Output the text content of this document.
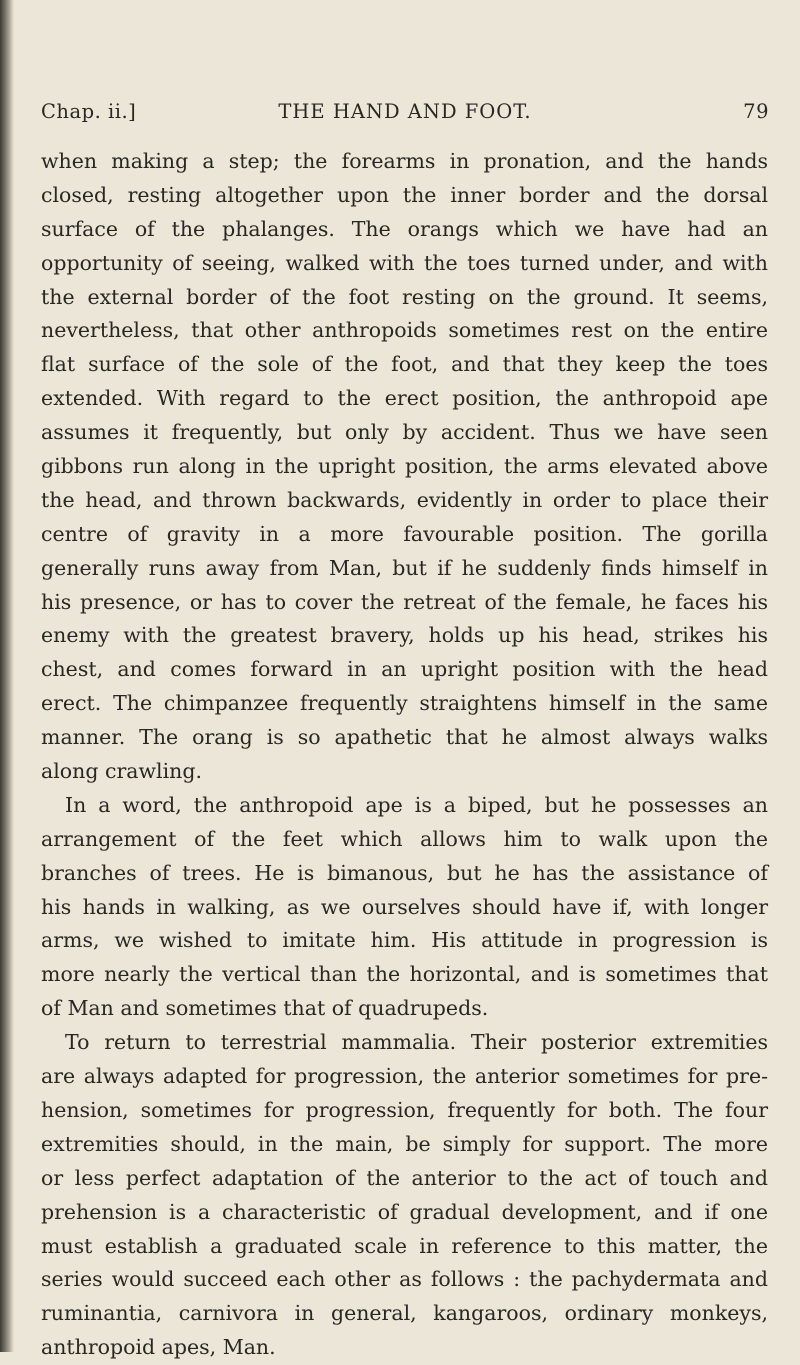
Chap. ii.]	THE HAND AND FOOT.	79
when making a step; the forearms in pronation, and the hands
closed, resting altogether upon the inner border and the dorsal
surface of the phalanges. The orangs which we have had an
opportunity of seeing, walked with the toes turned under, and with
the external border of the foot resting on the ground. It seems,
nevertheless, that other anthropoids sometimes rest on the entire
flat surface of the sole of the foot, and that they keep the toes
extended. With regard to the erect position, the anthropoid ape
assumes it frequently, but only by accident. Thus we have seen
gibbons run along in the upright position, the arms elevated above
the head, and thrown backwards, evidently in order to place their
centre of gravity in a more favourable position. The gorilla
generally runs away from Man, but if he suddenly finds himself in
his presence, or has to cover the retreat of the female, he faces his
enemy with the greatest bravery, holds up his head, strikes his
chest, and comes forward in an upright position with the head
erect. The chimpanzee frequently straightens himself in the same
manner. The orang is so apathetic that he almost always walks
along crawling.
In a word, the anthropoid ape is a biped, but he possesses an
arrangement of the feet which allows him to walk upon the
branches of trees. He is bimanous, but he has the assistance of
his hands in walking, as we ourselves should have if, with longer
arms, we wished to imitate him. His attitude in progression is
more nearly the vertical than the horizontal, and is sometimes that
of Man and sometimes that of quadrupeds.
To return to terrestrial mammalia. Their posterior extremities
are always adapted for progression, the anterior sometimes for pre-
hension, sometimes for progression, frequently for both. The four
extremities should, in the main, be simply for support. The more
or less perfect adaptation of the anterior to the act of touch and
prehension is a characteristic of gradual development, and if one
must establish a graduated scale in reference to this matter, the
series would succeed each other as follows : the pachydermata and
ruminantia, carnivora in general, kangaroos, ordinary monkeys,
anthropoid apes, Man.
